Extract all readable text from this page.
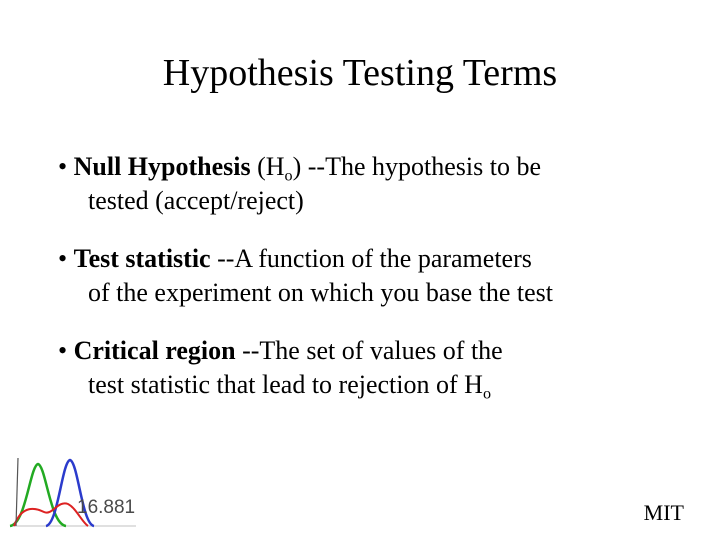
Hypothesis Testing Terms
• Null Hypothesis $(H_o)$ --The hypothesis to be
tested (accept/reject)
• Test statistic --A function of the parameters
of the experiment on which you base the test
• Critical region --The set of values of the
test statistic that lead to rejection of $H_o$
16.881	MIT
